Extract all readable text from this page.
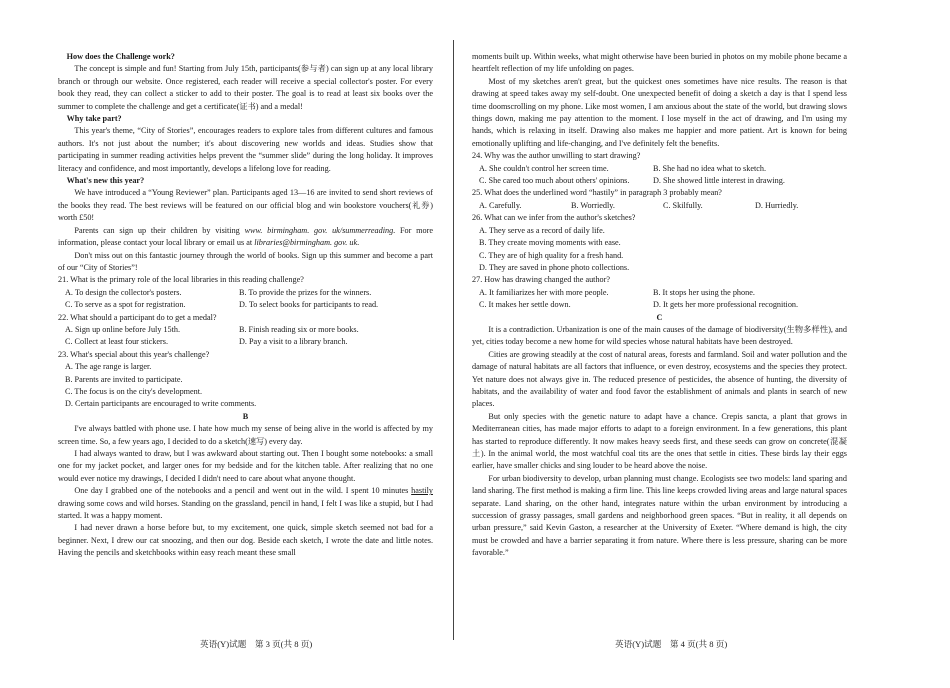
How does the Challenge work?

The concept is simple and fun! Starting from July 15th, participants(参与者) can sign up at any local library branch or through our website. Once registered, each reader will receive a special collector's poster. For every book they read, they can collect a sticker to add to their poster. The goal is to read at least six books over the summer to complete the challenge and get a certificate(证书) and a medal!

Why take part?

This year's theme, “City of Stories”, encourages readers to explore tales from different cultures and famous authors. It's not just about the number; it's about discovering new worlds and ideas. Studies show that participating in summer reading activities helps prevent the “summer slide” during the long holiday. It improves literacy and confidence, and most importantly, develops a lifelong love for reading.

What's new this year?

We have introduced a “Young Reviewer” plan. Participants aged 13—16 are invited to send short reviews of the books they read. The best reviews will be featured on our official blog and win bookstore vouchers(礼券) worth £50!

Parents can sign up their children by visiting www. birmingham. gov. uk/summerreading. For more information, please contact your local library or email us at libraries@birmingham. gov. uk.

Don't miss out on this fantastic journey through the world of books. Sign up this summer and become a part of our “City of Stories”!

21. What is the primary role of the local libraries in this reading challenge?

A. To design the collector's posters.	B. To provide the prizes for the winners.
C. To serve as a spot for registration.	D. To select books for participants to read.

22. What should a participant do to get a medal?

A. Sign up online before July 15th.	B. Finish reading six or more books.
C. Collect at least four stickers.	D. Pay a visit to a library branch.

23. What's special about this year's challenge?

A. The age range is larger.
B. Parents are invited to participate.
C. The focus is on the city's development.
D. Certain participants are encouraged to write comments.
B

I've always battled with phone use. I hate how much my sense of being alive in the world is affected by my screen time. So, a few years ago, I decided to do a sketch(速写) every day.

I had always wanted to draw, but I was awkward about starting out. Then I bought some notebooks: a small one for my jacket pocket, and larger ones for my bedside and for the kitchen table. After realizing that no one would ever notice my drawings, I decided I didn't need to care about what anyone thought.

One day I grabbed one of the notebooks and a pencil and went out in the wild. I spent 10 minutes hastily drawing some cows and wild horses. Standing on the grassland, pencil in hand, I felt I was like a stupid, but I had started. It was a happy moment.

I had never drawn a horse before but, to my excitement, one quick, simple sketch seemed not bad for a beginner. Next, I drew our cat snoozing, and then our dog. Beside each sketch, I wrote the date and little notes. Having the pencils and sketchbooks within easy reach meant these small

moments built up. Within weeks, what might otherwise have been buried in photos on my mobile phone became a heartfelt reflection of my life unfolding on pages.

Most of my sketches aren't great, but the quickest ones sometimes have nice results. The reason is that drawing at speed takes away my self-doubt. One unexpected benefit of doing a sketch a day is that I spend less time doomscrolling on my phone. Like most women, I am anxious about the state of the world, but drawing slows things down, making me pay attention to the moment. I lose myself in the act of drawing, and I'm using my hands, which is relaxing in itself. Drawing also makes me happier and more patient. Art is known for being emotionally uplifting and life-changing, and I've definitely felt the benefits.

24. Why was the author unwilling to start drawing?

A. She couldn't control her screen time.	B. She had no idea what to sketch.
C. She cared too much about others' opinions.	D. She showed little interest in drawing.

25. What does the underlined word “hastily” in paragraph 3 probably mean?

A. Carefully.	B. Worriedly.	C. Skilfully.	D. Hurriedly.

26. What can we infer from the author's sketches?

A. They serve as a record of daily life.
B. They create moving moments with ease.
C. They are of high quality for a fresh hand.
D. They are saved in phone photo collections.

27. How has drawing changed the author?

A. It familiarizes her with more people.	B. It stops her using the phone.
C. It makes her settle down.	D. It gets her more professional recognition.
C

It is a contradiction. Urbanization is one of the main causes of the damage of biodiversity(生物多样性), and yet, cities today become a new home for wild species whose natural habitats have been destroyed.

Cities are growing steadily at the cost of natural areas, forests and farmland. Soil and water pollution and the damage of natural habitats are all factors that influence, or even destroy, ecosystems and the species they protect. Yet nature does not always give in. The reduced presence of pesticides, the absence of hunting, the diversity of habitats, and the availability of water and food favor the establishment of animals and plants in search of new places.

But only species with the genetic nature to adapt have a chance. Crepis sancta, a plant that grows in Mediterranean cities, has made major efforts to adapt to a foreign environment. In a few generations, this plant has started to reproduce differently. It now makes heavy seeds first, and these seeds can grow on concrete(混凝土). In the animal world, the most watchful coal tits are the ones that settle in cities. These birds lay their eggs earlier, have smaller chicks and sing louder to be heard above the noise.

For urban biodiversity to develop, urban planning must change. Ecologists see two models: land sparing and land sharing. The first method is making a firm line. This line keeps crowded living areas and large natural spaces separate. Land sharing, on the other hand, integrates nature within the urban environment by introducing a succession of grassy passages, small gardens and neighborhood green spaces. “But in reality, it all depends on urban pressure,” said Kevin Gaston, a researcher at the University of Exeter. “Where demand is high, the city must be crowded and have a barrier separating it from nature. Where there is less pressure, sharing can be more favorable.”

英语(Y)试题　第 3 页(共 8 页)	英语(Y)试题　第 4 页(共 8 页)
